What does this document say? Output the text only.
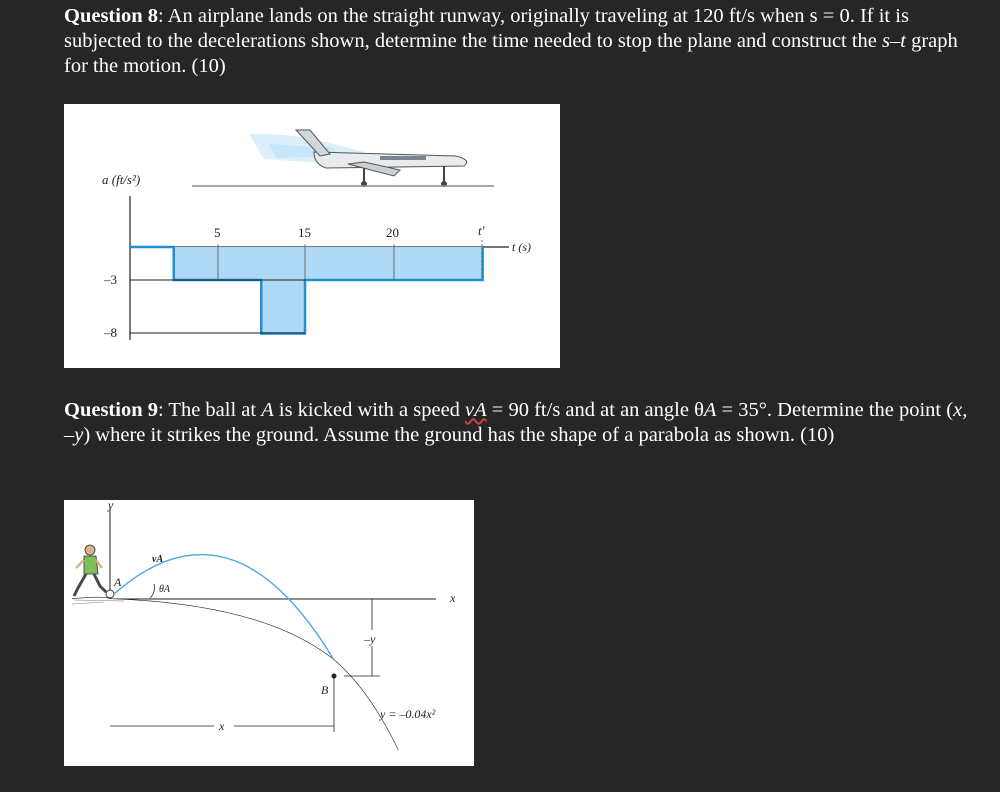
Question 8: An airplane lands on the straight runway, originally traveling at 120 ft/s when s = 0. If it is subjected to the decelerations shown, determine the time needed to stop the plane and construct the s–t graph for the motion. (10)

a (ft/s²)
5	15	20	t′
t (s)
–3
–8

Question 9: The ball at A is kicked with a speed vA = 90 ft/s and at an angle θA = 35°. Determine the point (x, –y) where it strikes the ground. Assume the ground has the shape of a parabola as shown. (10)

y
x
A
vA
θA
B
–y
x
y = –0.04x²
